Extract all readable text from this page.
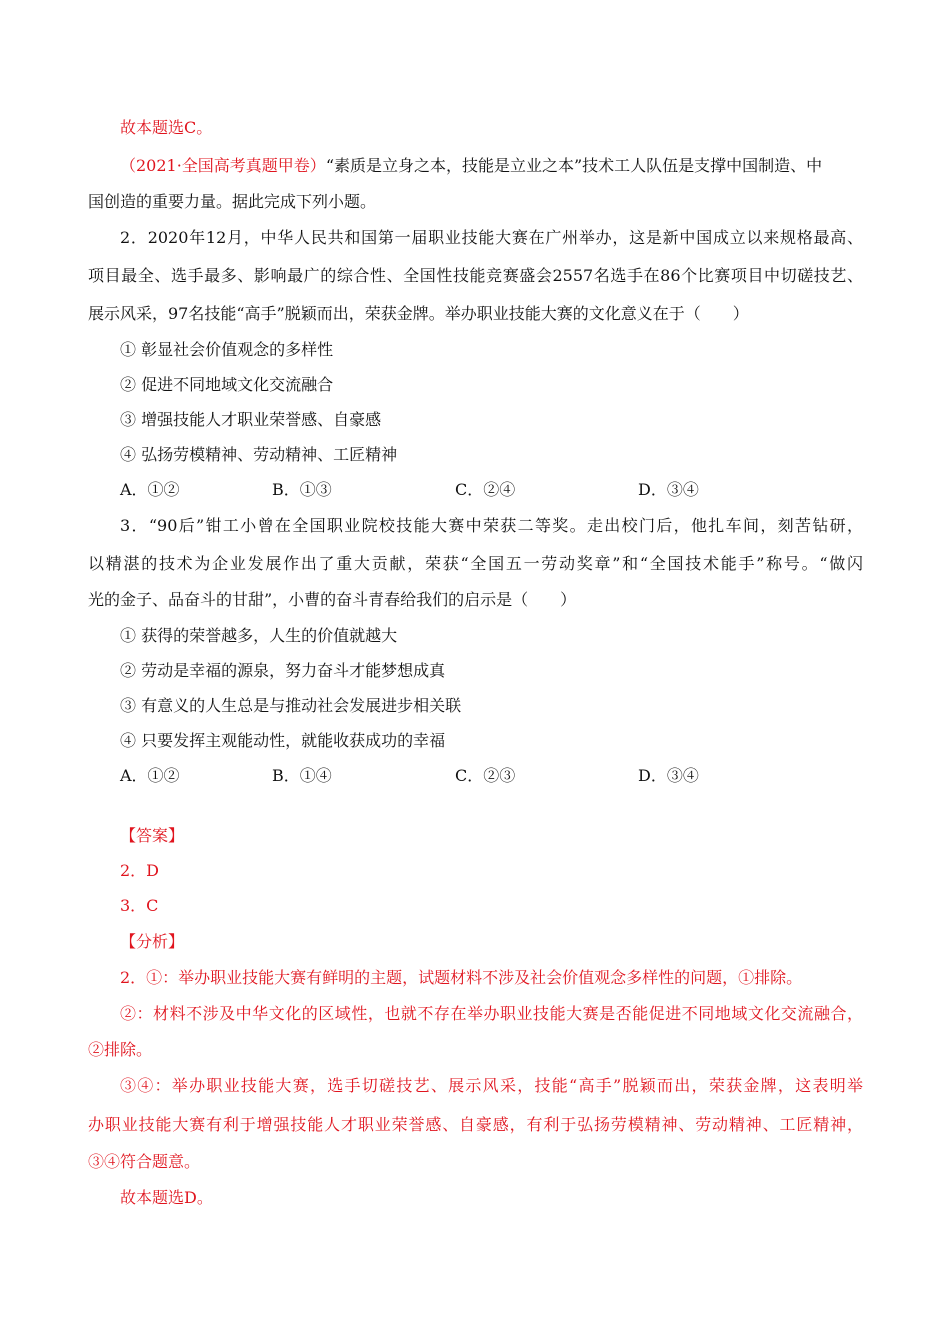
故本题选C。
（2021·全国高考真题甲卷）“素质是立身之本，技能是立业之本”技术工人队伍是支撑中国制造、中
国创造的重要力量。据此完成下列小题。
2．2020年12月，中华人民共和国第一届职业技能大赛在广州举办，这是新中国成立以来规格最高、
项目最全、选手最多、影响最广的综合性、全国性技能竞赛盛会2557名选手在86个比赛项目中切磋技艺、
展示风采，97名技能“高手”脱颖而出，荣获金牌。举办职业技能大赛的文化意义在于（　　）
① 彰显社会价值观念的多样性
② 促进不同地域文化交流融合
③ 增强技能人才职业荣誉感、自豪感
④ 弘扬劳模精神、劳动精神、工匠精神
A．①②	B．①③	C．②④	D．③④
3．“90后”钳工小曾在全国职业院校技能大赛中荣获二等奖。走出校门后，他扎车间，刻苦钻研，
以精湛的技术为企业发展作出了重大贡献，荣获“全国五一劳动奖章”和“全国技术能手”称号。“做闪
光的金子、品奋斗的甘甜”，小曹的奋斗青春给我们的启示是（　　）
① 获得的荣誉越多，人生的价值就越大
② 劳动是幸福的源泉，努力奋斗才能梦想成真
③ 有意义的人生总是与推动社会发展进步相关联
④ 只要发挥主观能动性，就能收获成功的幸福
A．①②	B．①④	C．②③	D．③④
【答案】
2．D
3．C
【分析】
2．①：举办职业技能大赛有鲜明的主题，试题材料不涉及社会价值观念多样性的问题，①排除。
②：材料不涉及中华文化的区域性，也就不存在举办职业技能大赛是否能促进不同地域文化交流融合，
②排除。
③④：举办职业技能大赛，选手切磋技艺、展示风采，技能“高手”脱颖而出，荣获金牌，这表明举
办职业技能大赛有利于增强技能人才职业荣誉感、自豪感，有利于弘扬劳模精神、劳动精神、工匠精神，
③④符合题意。
故本题选D。
